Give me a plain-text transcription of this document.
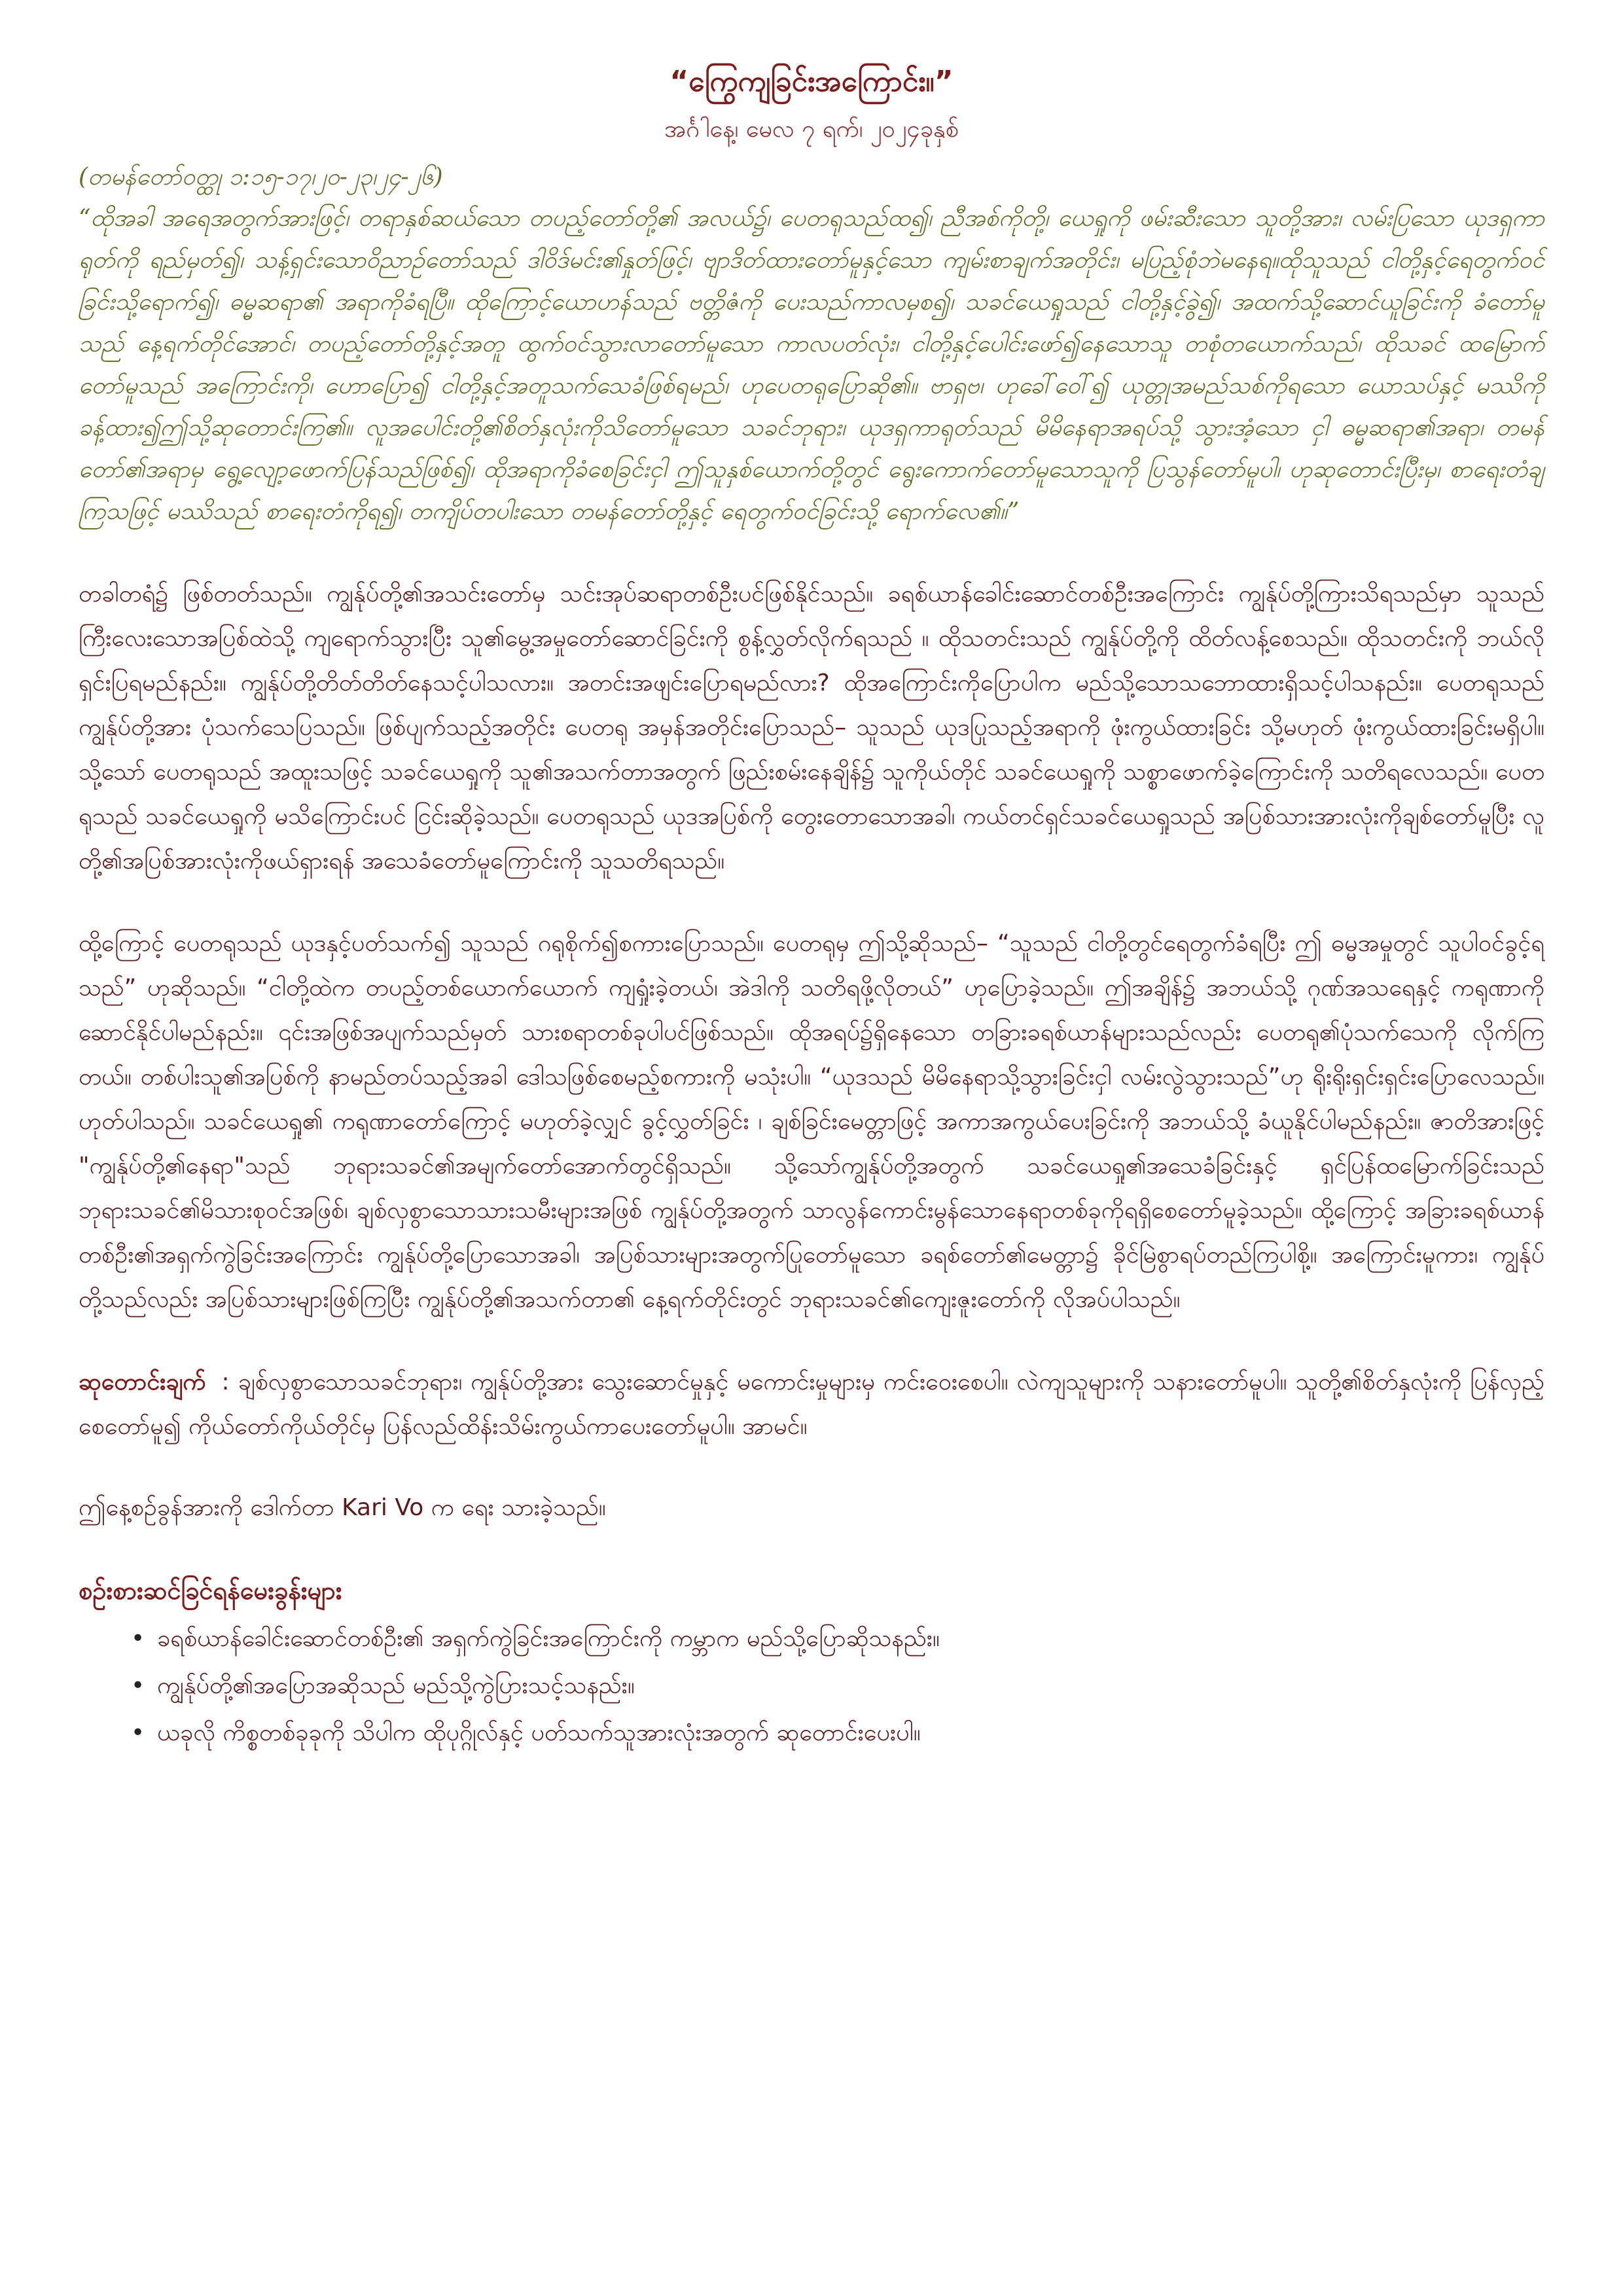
“ကြွေကျခြင်းအကြောင်း။”
အင်္ဂါနေ့၊ မေလ ၇ ရက်၊ ၂၀၂၄ခုနှစ်

(တမန်တော်ဝတ္ထု ၁:၁၅-၁၇၊၂၀-၂၃၊၂၄-၂၆)

“ထိုအခါ အရေအတွက်အားဖြင့်၊ တရာနှစ်ဆယ်သော တပည့်တော်တို့၏ အလယ်၌၊ ပေတရုသည်ထ၍၊ ညီအစ်ကိုတို့၊ ယေရှုကို ဖမ်းဆီးသော သူတို့အား၊ လမ်းပြသော ယုဒရှကာရုတ်ကို ရည်မှတ်၍၊ သန့်ရှင်းသောဝိညာဉ်တော်သည် ဒါဝိဒ်မင်း၏နှုတ်ဖြင့်၊ ဗျာဒိတ်ထားတော်မူနှင့်သော ကျမ်းစာချက်အတိုင်း၊ မပြည့်စုံဘဲမနေရ။ထိုသူသည် ငါတို့နှင့်ရေတွက်ဝင်ခြင်းသို့ရောက်၍၊ ဓမ္မဆရာ၏ အရာကိုခံရပြီ။ ထိုကြောင့်ယောဟန်သည် ဗတ္တိဇံကို ပေးသည်ကာလမှစ၍၊ သခင်ယေရှုသည် ငါတို့နှင့်ခွဲ၍၊ အထက်သို့ဆောင်ယူခြင်းကို ခံတော်မူသည် နေ့ရက်တိုင်အောင်၊ တပည့်တော်တို့နှင့်အတူ ထွက်ဝင်သွားလာတော်မူသော ကာလပတ်လုံး၊ ငါတို့နှင့်ပေါင်းဖော်၍နေသောသူ တစုံတယောက်သည်၊ ထိုသခင် ထမြောက်တော်မူသည် အကြောင်းကို၊ ဟောပြော၍ ငါတို့နှင့်အတူသက်သေခံဖြစ်ရမည်၊ ဟုပေတရုပြောဆို၏။ ဗာရှဗ၊ ဟုခေါ်ဝေါ်၍ ယုတ္တုအမည်သစ်ကိုရသော ယောသပ်နှင့် မဿိကို ခန့်ထား၍ဤသို့ဆုတောင်းကြ၏။ လူအပေါင်းတို့၏စိတ်နှလုံးကိုသိတော်မူသော သခင်ဘုရား၊ ယုဒရှကာရုတ်သည် မိမိနေရာအရပ်သို့ သွားအံ့သော ငှါ ဓမ္မဆရာ၏အရာ၊ တမန်တော်၏အရာမှ ရွေ့လျော့ဖောက်ပြန်သည်ဖြစ်၍၊ ထိုအရာကိုခံစေခြင်းငှါ ဤသူနှစ်ယောက်တို့တွင် ရွေးကောက်တော်မူသောသူကို ပြသွန်တော်မူပါ၊ ဟုဆုတောင်းပြီးမှ၊ စာရေးတံချကြသဖြင့် မဿိသည် စာရေးတံကိုရ၍၊ တကျိပ်တပါးသော တမန်တော်တို့နှင့် ရေတွက်ဝင်ခြင်းသို့ ရောက်လေ၏။”

တခါတရံ၌ ဖြစ်တတ်သည်။ ကျွန်ုပ်တို့၏အသင်းတော်မှ သင်းအုပ်ဆရာတစ်ဦးပင်ဖြစ်နိုင်သည်။ ခရစ်ယာန်ခေါင်းဆောင်တစ်ဦးအကြောင်း ကျွန်ုပ်တို့ကြားသိရသည်မှာ သူသည်ကြီးလေးသောအပြစ်ထဲသို့ ကျရောက်သွားပြီး သူ၏မွေ့အမှုတော်ဆောင်ခြင်းကို စွန့်လွှတ်လိုက်ရသည် ။ ထိုသတင်းသည် ကျွန်ုပ်တို့ကို ထိတ်လန့်စေသည်။ ထိုသတင်းကို ဘယ်လိုရှင်းပြရမည်နည်း။ ကျွန်ုပ်တို့တိတ်တိတ်နေသင့်ပါသလား။ အတင်းအဖျင်းပြောရမည်လား? ထိုအကြောင်းကိုပြောပါက မည်သို့သောသဘောထားရှိသင့်ပါသနည်း။ ပေတရုသည် ကျွန်ုပ်တို့အား ပုံသက်သေပြသည်။ ဖြစ်ပျက်သည့်အတိုင်း ပေတရု အမှန်အတိုင်းပြောသည်– သူသည် ယုဒပြုသည့်အရာကို ဖုံးကွယ်ထားခြင်း သို့မဟုတ် ဖုံးကွယ်ထားခြင်းမရှိပါ။ သို့သော် ပေတရုသည် အထူးသဖြင့် သခင်ယေရှုကို သူ၏အသက်တာအတွက် ဖြည်းစမ်းနေချိန်၌ သူကိုယ်တိုင် သခင်ယေရှုကို သစ္စာဖောက်ခဲ့ကြောင်းကို သတိရလေသည်။ ပေတရုသည် သခင်ယေရှုကို မသိကြောင်းပင် ငြင်းဆိုခဲ့သည်။ ပေတရုသည် ယုဒအပြစ်ကို တွေးတောသောအခါ၊ ကယ်တင်ရှင်သခင်ယေရှုသည် အပြစ်သားအားလုံးကိုချစ်တော်မူပြီး လူတို့၏အပြစ်အားလုံးကိုဖယ်ရှားရန် အသေခံတော်မူကြောင်းကို သူသတိရသည်။

ထို့ကြောင့် ပေတရုသည် ယုဒနှင့်ပတ်သက်၍ သူသည် ဂရုစိုက်၍စကားပြောသည်။ ပေတရုမှ ဤသို့ဆိုသည်– “သူသည် ငါတို့တွင်ရေတွက်ခံရပြီး ဤ ဓမ္မအမှုတွင် သူပါဝင်ခွင့်ရသည်” ဟုဆိုသည်။ “ငါတို့ထဲက တပည့်တစ်ယောက်ယောက် ကျရှုံးခဲ့တယ်၊ အဲဒါကို သတိရဖို့လိုတယ်” ဟုပြောခဲ့သည်။ ဤအချိန်၌ အဘယ်သို့ ဂုဏ်အသရေနှင့် ကရုဏာကို ဆောင်နိုင်ပါမည်နည်း။ ၎င်းအဖြစ်အပျက်သည်မှတ် သားစရာတစ်ခုပါပင်ဖြစ်သည်။ ထိုအရပ်၌ရှိနေသော တခြားခရစ်ယာန်များသည်လည်း ပေတရု၏ပုံသက်သေကို လိုက်ကြတယ်။ တစ်ပါးသူ၏အပြစ်ကို နာမည်တပ်သည့်အခါ ဒေါသဖြစ်စေမည့်စကားကို မသုံးပါ။ “ယုဒသည် မိမိနေရာသို့သွားခြင်းငှါ လမ်းလွဲသွားသည်”ဟု ရိုးရိုးရှင်းရှင်းပြောလေသည်။ ဟုတ်ပါသည်။ သခင်ယေရှု၏ ကရုဏာတော်ကြောင့် မဟုတ်ခဲ့လျှင် ခွင့်လွှတ်ခြင်း ၊ ချစ်ခြင်းမေတ္တာဖြင့် အကာအကွယ်ပေးခြင်းကို အဘယ်သို့ ခံယူနိုင်ပါမည်နည်း။ ဇာတိအားဖြင့် "ကျွန်ုပ်တို့၏နေရာ"သည် ဘုရားသခင်၏အမျက်တော်အောက်တွင်ရှိသည်။ သို့သော်ကျွန်ုပ်တို့အတွက် သခင်ယေရှု၏အသေခံခြင်းနှင့် ရှင်ပြန်ထမြောက်ခြင်းသည် ဘုရားသခင်၏မိသားစုဝင်အဖြစ်၊ ချစ်လှစွာသောသားသမီးများအဖြစ် ကျွန်ုပ်တို့အတွက် သာလွန်ကောင်းမွန်သောနေရာတစ်ခုကိုရရှိစေတော်မူခဲ့သည်။ ထို့ကြောင့် အခြားခရစ်ယာန်တစ်ဦး၏အရှက်ကွဲခြင်းအကြောင်း ကျွန်ုပ်တို့ပြောသောအခါ၊ အပြစ်သားများအတွက်ပြုတော်မူသော ခရစ်တော်၏မေတ္တာ၌ ခိုင်မြဲစွာရပ်တည်ကြပါစို့။ အကြောင်းမူကား၊ ကျွန်ုပ်တို့သည်လည်း အပြစ်သားများဖြစ်ကြပြီး ကျွန်ုပ်တို့၏အသက်တာ၏ နေ့ရက်တိုင်းတွင် ဘုရားသခင်၏ကျေးဇူးတော်ကို လိုအပ်ပါသည်။

ဆုတောင်းချက် : ချစ်လှစွာသောသခင်ဘုရား၊ ကျွန်ုပ်တို့အား သွေးဆောင်မှုနှင့် မကောင်းမှုများမှ ကင်းဝေးစေပါ။ လဲကျသူများကို သနားတော်မူပါ။ သူတို့၏စိတ်နှလုံးကို ပြန်လှည့်စေတော်မူ၍ ကိုယ်တော်ကိုယ်တိုင်မှ ပြန်လည်ထိန်းသိမ်းကွယ်ကာပေးတော်မူပါ။ အာမင်။

ဤနေ့စဉ်ခွန်အားကို ဒေါက်တာ Kari Vo က ရေး သားခဲ့သည်။

စဉ်းစားဆင်ခြင်ရန်မေးခွန်းများ
• ခရစ်ယာန်ခေါင်းဆောင်တစ်ဦး၏ အရှက်ကွဲခြင်းအကြောင်းကို ကမ္ဘာက မည်သို့ပြောဆိုသနည်း။
• ကျွန်ုပ်တို့၏အပြောအဆိုသည် မည်သို့ကွဲပြားသင့်သနည်း။
• ယခုလို ကိစ္စတစ်ခုခုကို သိပါက ထိုပုဂ္ဂိုလ်နှင့် ပတ်သက်သူအားလုံးအတွက် ဆုတောင်းပေးပါ။
